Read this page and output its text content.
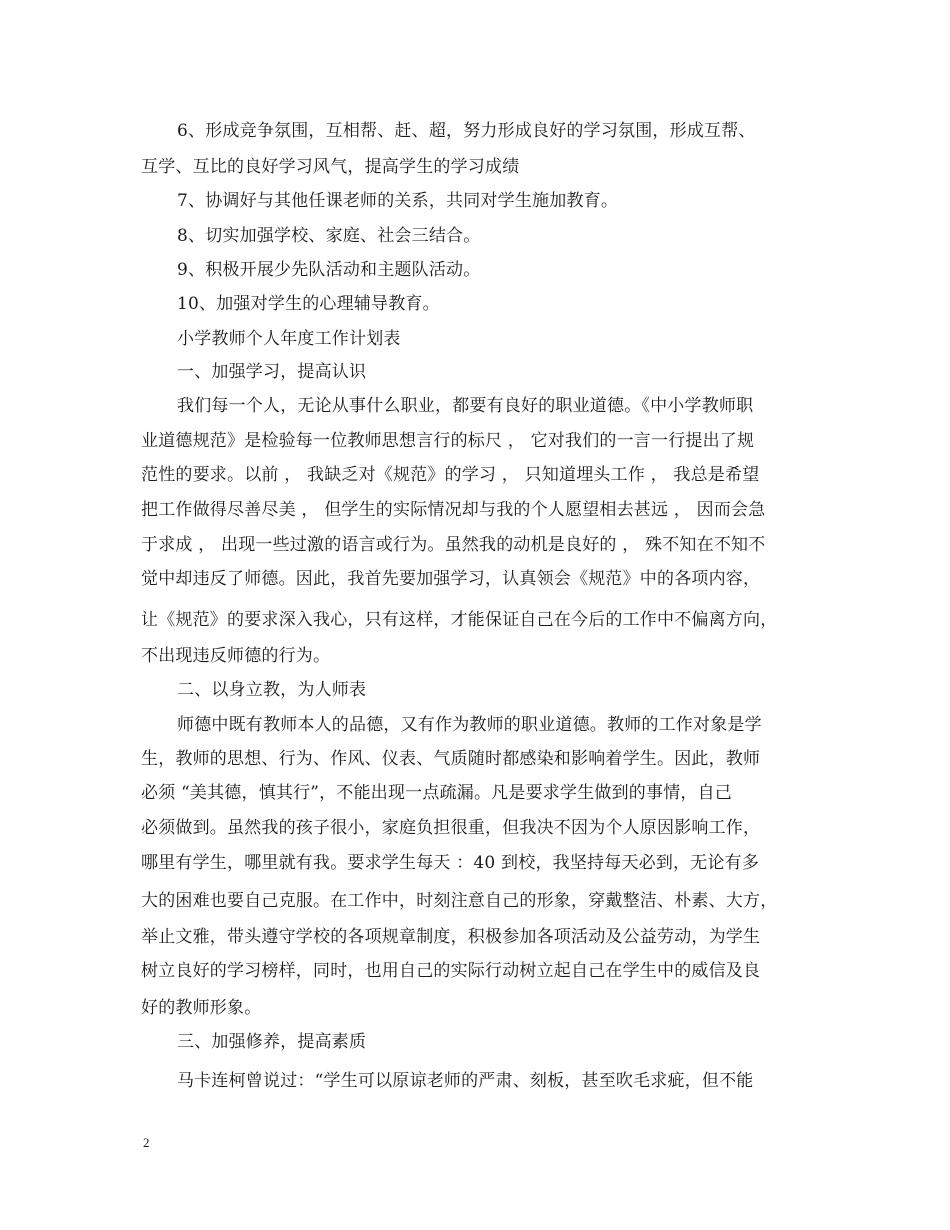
6、形成竞争氛围，互相帮、赶、超，努力形成良好的学习氛围，形成互帮、
互学、互比的良好学习风气，提高学生的学习成绩
7、协调好与其他任课老师的关系，共同对学生施加教育。
8、切实加强学校、家庭、社会三结合。
9、积极开展少先队活动和主题队活动。
10、加强对学生的心理辅导教育。
小学教师个人年度工作计划表
一、加强学习，提高认识
我们每一个人，无论从事什么职业，都要有良好的职业道德。《中小学教师职
业道德规范》是检验每一位教师思想言行的标尺 ， 它对我们的一言一行提出了规
范性的要求。以前 ， 我缺乏对《规范》的学习 ， 只知道埋头工作 ， 我总是希望
把工作做得尽善尽美 ， 但学生的实际情况却与我的个人愿望相去甚远 ， 因而会急
于求成 ， 出现一些过激的语言或行为。虽然我的动机是良好的 ， 殊不知在不知不
觉中却违反了师德。因此，我首先要加强学习，认真领会《规范》中的各项内容，
让《规范》的要求深入我心，只有这样，才能保证自己在今后的工作中不偏离方向，
不出现违反师德的行为。
二、以身立教，为人师表
师德中既有教师本人的品德，又有作为教师的职业道德。教师的工作对象是学
生，教师的思想、行为、作风、仪表、气质随时都感染和影响着学生。因此，教师
必须 “美其德，慎其行”，不能出现一点疏漏。凡是要求学生做到的事情，自己
必须做到。虽然我的孩子很小，家庭负担很重，但我决不因为个人原因影响工作，
哪里有学生，哪里就有我。要求学生每天 ：40 到校，我坚持每天必到，无论有多
大的困难也要自己克服。在工作中，时刻注意自己的形象，穿戴整洁、朴素、大方，
举止文雅，带头遵守学校的各项规章制度，积极参加各项活动及公益劳动，为学生
树立良好的学习榜样，同时，也用自己的实际行动树立起自己在学生中的威信及良
好的教师形象。
三、加强修养，提高素质
马卡连柯曾说过：“学生可以原谅老师的严肃、刻板，甚至吹毛求疵，但不能
2
